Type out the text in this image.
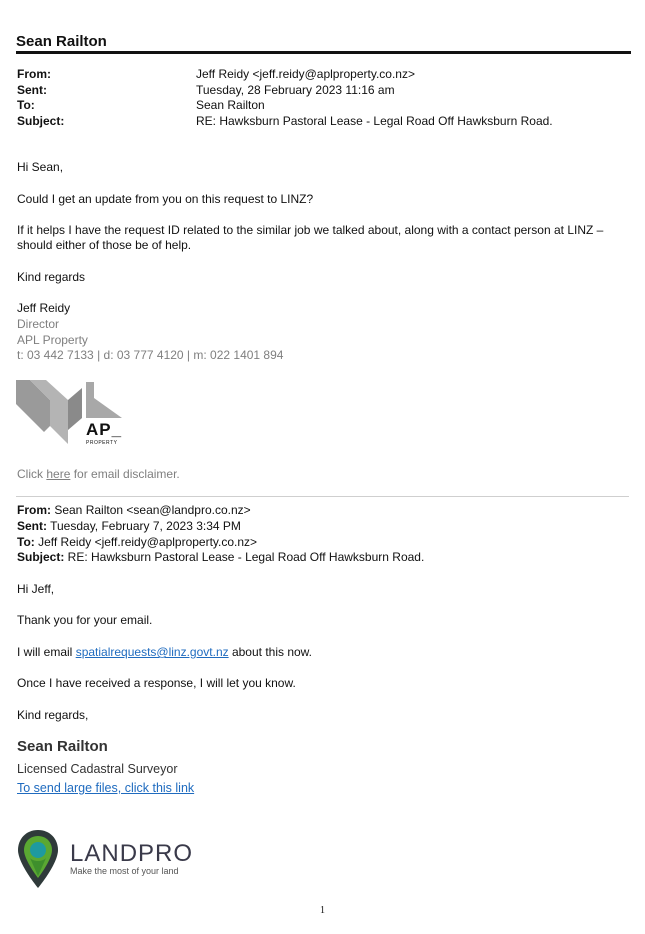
Sean Railton
From:	Jeff Reidy <jeff.reidy@aplproperty.co.nz>
Sent:	Tuesday, 28 February 2023 11:16 am
To:	Sean Railton
Subject:	RE: Hawksburn Pastoral Lease - Legal Road Off Hawksburn Road.
Hi Sean,
Could I get an update from you on this request to LINZ?
If it helps I have the request ID related to the similar job we talked about, along with a contact person at LINZ –
should either of those be of help.
Kind regards
Jeff Reidy
Director
APL Property
t: 03 442 7133 | d: 03 777 4120 | m: 022 1401 894
AP_
PROPERTY
Click here for email disclaimer.
From: Sean Railton <sean@landpro.co.nz>
Sent: Tuesday, February 7, 2023 3:34 PM
To: Jeff Reidy <jeff.reidy@aplproperty.co.nz>
Subject: RE: Hawksburn Pastoral Lease - Legal Road Off Hawksburn Road.
Hi Jeff,
Thank you for your email.
I will email spatialrequests@linz.govt.nz about this now.
Once I have received a response, I will let you know.
Kind regards,
Sean Railton
Licensed Cadastral Surveyor
To send large files, click this link
LANDPRO
Make the most of your land
1
